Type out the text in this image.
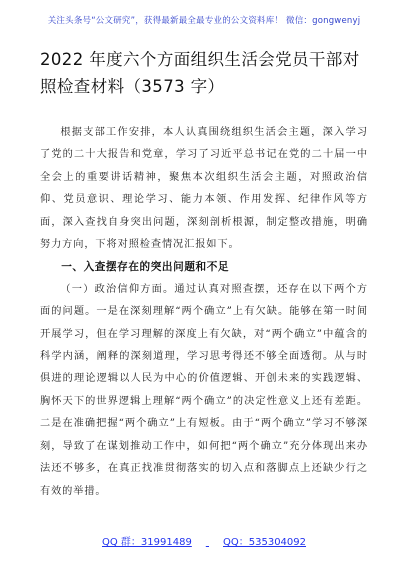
关注头条号“公文研究”，获得最新最全最专业的公文资料库！ 微信：gongwenyj
2022 年度六个方面组织生活会党员干部对照检查材料（3573 字）

根据支部工作安排，本人认真围绕组织生活会主题，深入学习了党的二十大报告和党章，学习了习近平总书记在党的二十届一中全会上的重要讲话精神，聚焦本次组织生活会主题，对照政治信仰、党员意识、理论学习、能力本领、作用发挥、纪律作风等方面，深入查找自身突出问题，深刻剖析根源，制定整改措施，明确努力方向，下将对照检查情况汇报如下。

一、入查摆存在的突出问题和不足

（一）政治信仰方面。通过认真对照查摆，还存在以下两个方面的问题。一是在深刻理解“两个确立”上有欠缺。能够在第一时间开展学习，但在学习理解的深度上有欠缺，对“两个确立”中蕴含的科学内涵，阐释的深刻道理，学习思考得还不够全面透彻。从与时俱进的理论逻辑以人民为中心的价值逻辑、开创未来的实践逻辑、胸怀天下的世界逻辑上理解“两个确立”的决定性意义上还有差距。二是在准确把握“两个确立”上有短板。由于“两个确立”学习不够深刻，导致了在谋划推动工作中，如何把“两个确立”充分体现出来办法还不够多，在真正找准贯彻落实的切入点和落脚点上还缺少行之有效的举措。

QQ 群：31991489	QQ：535304092
